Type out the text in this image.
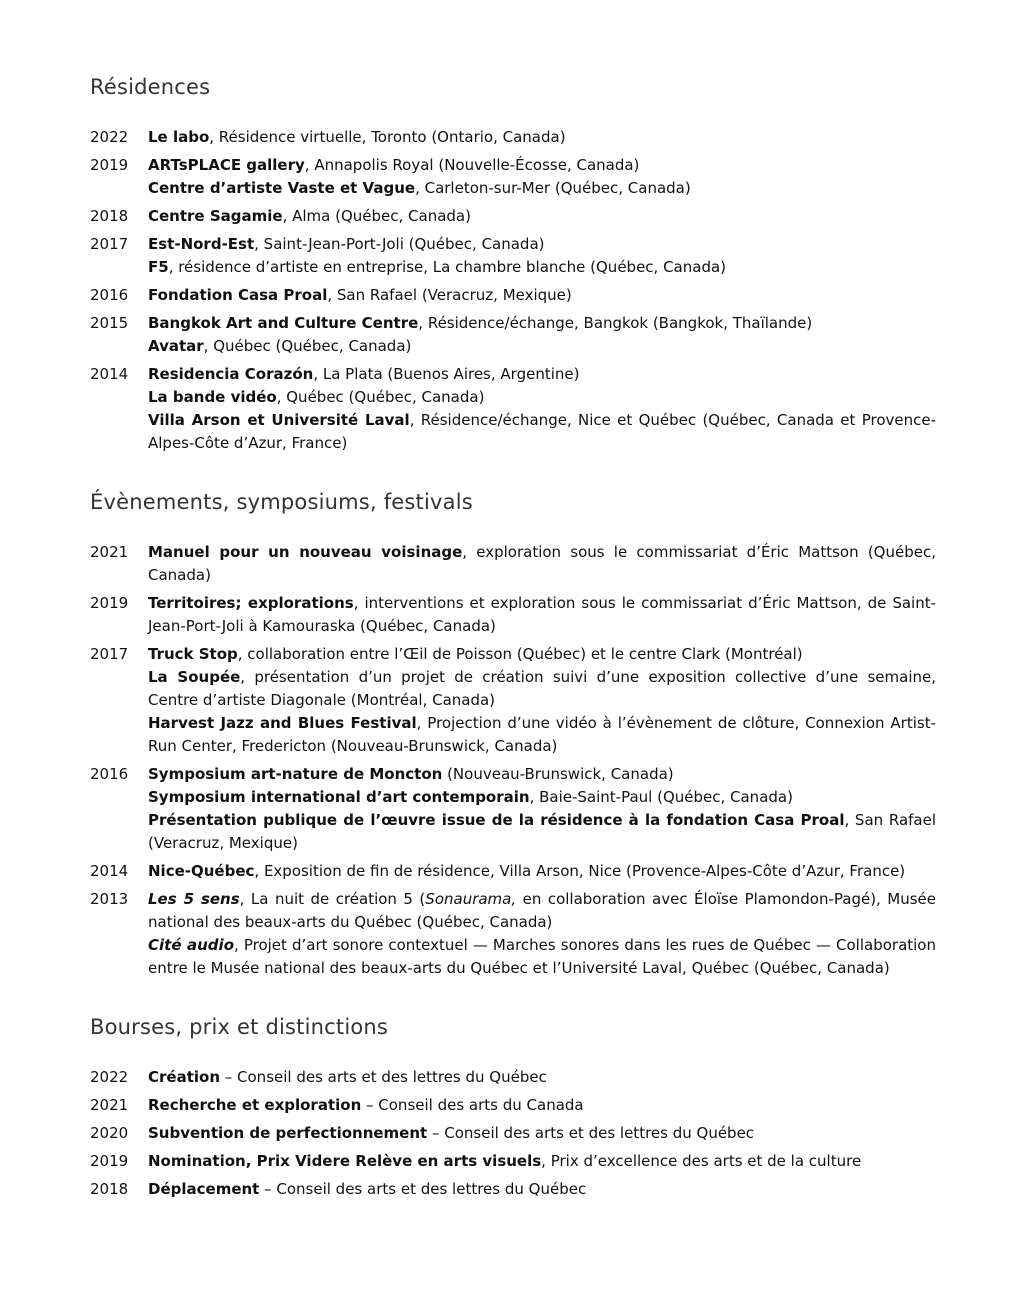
Résidences
2022	Le labo, Résidence virtuelle, Toronto (Ontario, Canada)
2019	ARTsPLACE gallery, Annapolis Royal (Nouvelle-Écosse, Canada)
Centre d’artiste Vaste et Vague, Carleton-sur-Mer (Québec, Canada)
2018	Centre Sagamie, Alma (Québec, Canada)
2017	Est-Nord-Est, Saint-Jean-Port-Joli (Québec, Canada)
F5, résidence d’artiste en entreprise, La chambre blanche (Québec, Canada)
2016	Fondation Casa Proal, San Rafael (Veracruz, Mexique)
2015	Bangkok Art and Culture Centre, Résidence/échange, Bangkok (Bangkok, Thaïlande)
Avatar, Québec (Québec, Canada)
2014	Residencia Corazón, La Plata (Buenos Aires, Argentine)
La bande vidéo, Québec (Québec, Canada)
Villa Arson et Université Laval, Résidence/échange, Nice et Québec (Québec, Canada et Provence-Alpes-Côte d’Azur, France)
Évènements, symposiums, festivals
2021	Manuel pour un nouveau voisinage, exploration sous le commissariat d’Éric Mattson (Québec, Canada)
2019	Territoires; explorations, interventions et exploration sous le commissariat d’Éric Mattson, de Saint-Jean-Port-Joli à Kamouraska (Québec, Canada)
2017	Truck Stop, collaboration entre l’Œil de Poisson (Québec) et le centre Clark (Montréal)
La Soupée, présentation d’un projet de création suivi d’une exposition collective d’une semaine, Centre d’artiste Diagonale (Montréal, Canada)
Harvest Jazz and Blues Festival, Projection d’une vidéo à l’évènement de clôture, Connexion Artist-Run Center, Fredericton (Nouveau-Brunswick, Canada)
2016	Symposium art-nature de Moncton (Nouveau-Brunswick, Canada)
Symposium international d’art contemporain, Baie-Saint-Paul (Québec, Canada)
Présentation publique de l’œuvre issue de la résidence à la fondation Casa Proal, San Rafael (Veracruz, Mexique)
2014	Nice-Québec, Exposition de fin de résidence, Villa Arson, Nice (Provence-Alpes-Côte d’Azur, France)
2013	Les 5 sens, La nuit de création 5 (Sonaurama, en collaboration avec Éloïse Plamondon-Pagé), Musée national des beaux-arts du Québec (Québec, Canada)
Cité audio, Projet d’art sonore contextuel — Marches sonores dans les rues de Québec — Collaboration entre le Musée national des beaux-arts du Québec et l’Université Laval, Québec (Québec, Canada)
Bourses, prix et distinctions
2022	Création – Conseil des arts et des lettres du Québec
2021	Recherche et exploration – Conseil des arts du Canada
2020	Subvention de perfectionnement – Conseil des arts et des lettres du Québec
2019	Nomination, Prix Videre Relève en arts visuels, Prix d’excellence des arts et de la culture
2018	Déplacement – Conseil des arts et des lettres du Québec
